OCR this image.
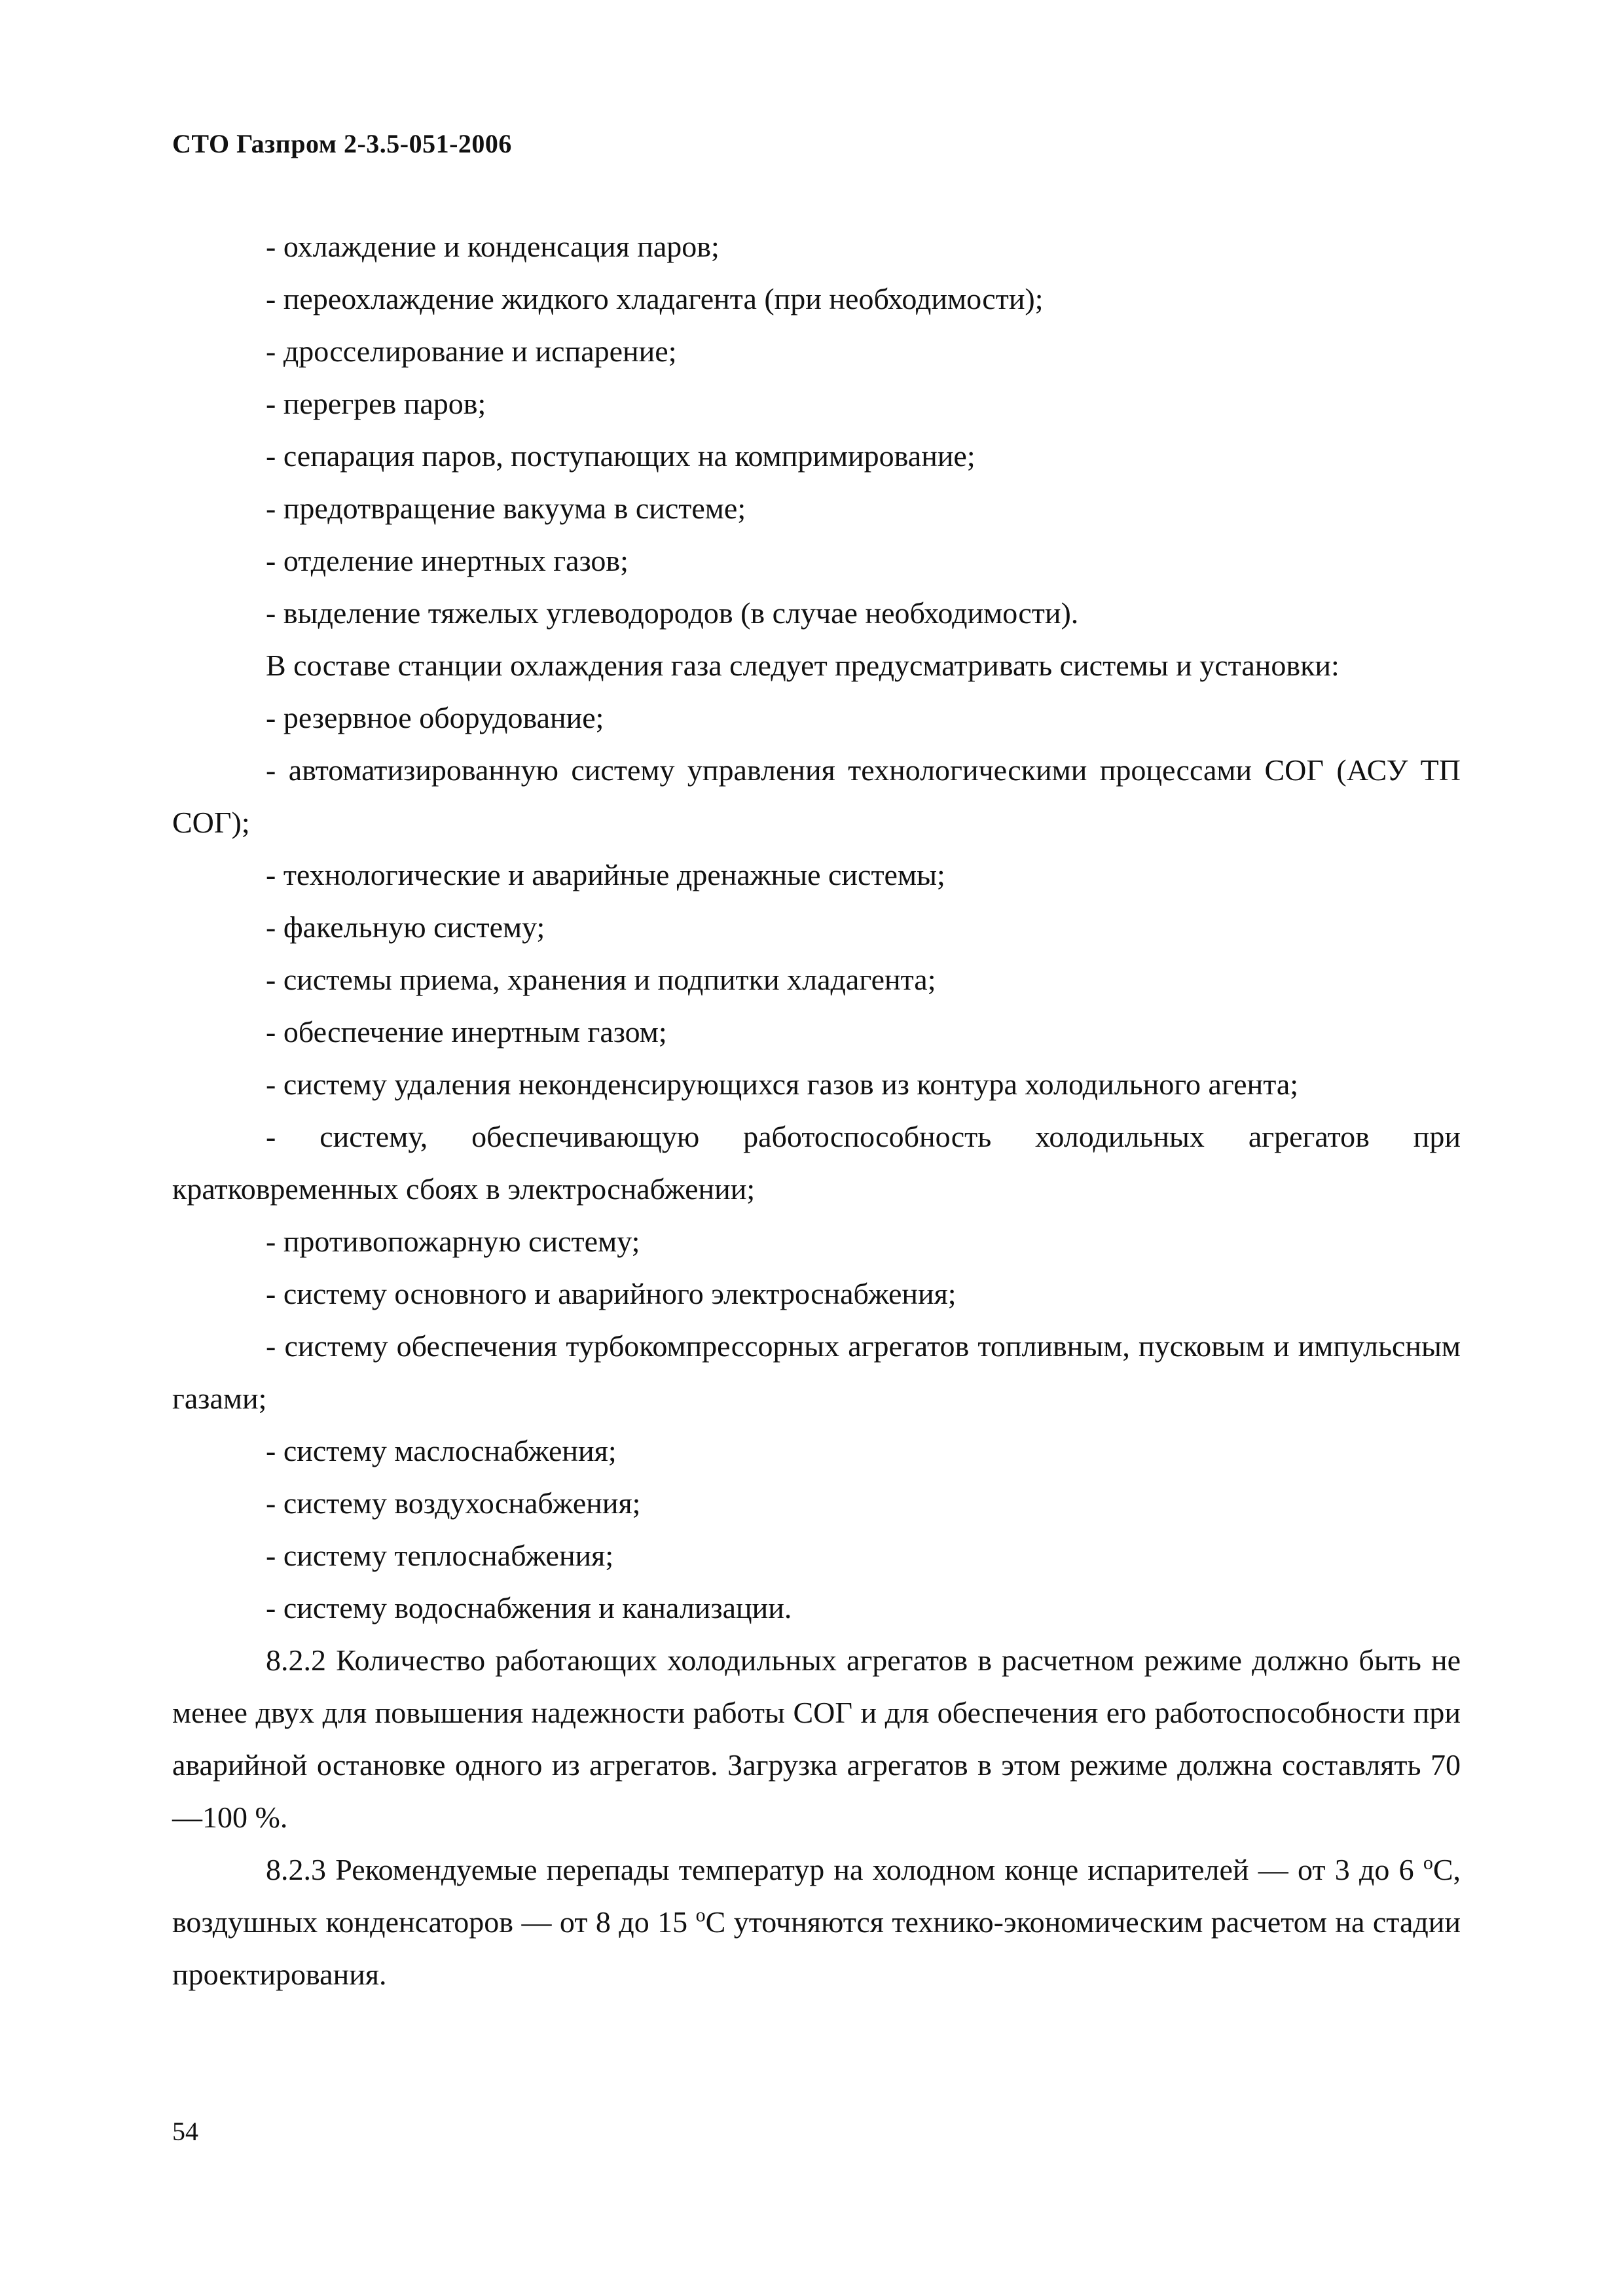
СТО Газпром 2-3.5-051-2006

- охлаждение и конденсация паров;

- переохлаждение жидкого хладагента (при необходимости);

- дросселирование и испарение;

- перегрев паров;

- сепарация паров, поступающих на компримирование;

- предотвращение вакуума в системе;

- отделение инертных газов;

- выделение тяжелых углеводородов (в случае необходимости).

В составе станции охлаждения газа следует предусматривать системы и установки:

- резервное оборудование;

- автоматизированную систему управления технологическими процессами СОГ (АСУ ТП СОГ);

- технологические и аварийные дренажные системы;

- факельную систему;

- системы приема, хранения и подпитки хладагента;

- обеспечение инертным газом;

- систему удаления неконденсирующихся газов из контура холодильного агента;

- систему, обеспечивающую работоспособность холодильных агрегатов при кратковременных сбоях в электроснабжении;

- противопожарную систему;

- систему основного и аварийного электроснабжения;

- систему обеспечения турбокомпрессорных агрегатов топливным, пусковым и импульсным газами;

- систему маслоснабжения;

- систему воздухоснабжения;

- систему теплоснабжения;

- систему водоснабжения и канализации.

8.2.2 Количество работающих холодильных агрегатов в расчетном режиме должно быть не менее двух для повышения надежности работы СОГ и для обеспечения его работоспособности при аварийной остановке одного из агрегатов. Загрузка агрегатов в этом режиме должна составлять 70—100 %.

8.2.3 Рекомендуемые перепады температур на холодном конце испарителей — от 3 до 6 $^о$С, воздушных конденсаторов — от 8 до 15 $^о$С уточняются технико-экономическим расчетом на стадии проектирования.

54
